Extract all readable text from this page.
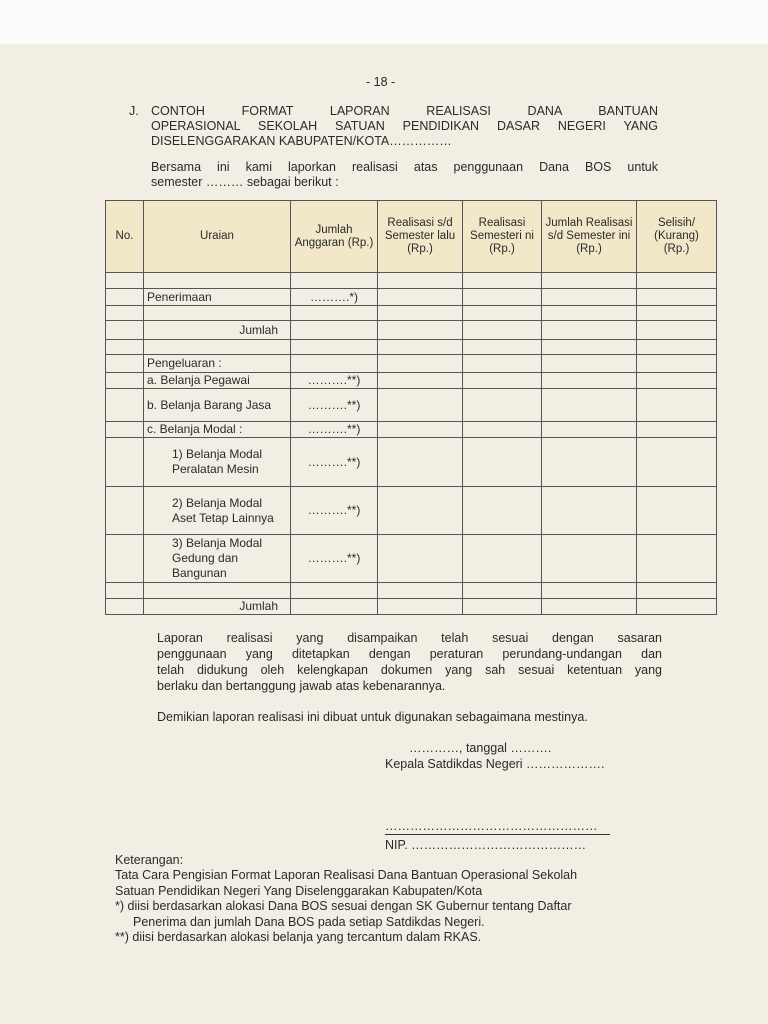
- 18 -
J. CONTOH FORMAT LAPORAN REALISASI DANA BANTUAN
OPERASIONAL SEKOLAH SATUAN PENDIDIKAN DASAR NEGERI YANG
DISELENGGARAKAN KABUPATEN/KOTA……………
Bersama ini kami laporkan realisasi atas penggunaan Dana BOS untuk
semester ……… sebagai berikut :
No.	Uraian	Jumlah Anggaran (Rp.)	Realisasi s/d Semester lalu (Rp.)	Realisasi Semesteri ni (Rp.)	Jumlah Realisasi s/d Semester ini (Rp.)	Selisih/ (Kurang) (Rp.)

	Penerimaan	……….*)				

	Jumlah					

	Pengeluaran :					
	a. Belanja Pegawai	……….**)				
	b. Belanja Barang Jasa	……….**)				
	c. Belanja Modal :	……….**)				
	1) Belanja Modal Peralatan Mesin	……….**)				
	2) Belanja Modal Aset Tetap Lainnya	……….**)				
	3) Belanja Modal Gedung dan Bangunan	……….**)				

	Jumlah					
Laporan realisasi yang disampaikan telah sesuai dengan sasaran
penggunaan yang ditetapkan dengan peraturan perundang-undangan dan
telah didukung oleh kelengkapan dokumen yang sah sesuai ketentuan yang
berlaku dan bertanggung jawab atas kebenarannya.
Demikian laporan realisasi ini dibuat untuk digunakan sebagaimana mestinya.
…………, tanggal ……….
Kepala Satdikdas Negeri ……………….
……………………………………………
NIP. ……………………………………
Keterangan:
Tata Cara Pengisian Format Laporan Realisasi Dana Bantuan Operasional Sekolah
Satuan Pendidikan Negeri Yang Diselenggarakan Kabupaten/Kota
*) diisi berdasarkan alokasi Dana BOS sesuai dengan SK Gubernur tentang Daftar
Penerima dan jumlah Dana BOS pada setiap Satdikdas Negeri.
**) diisi berdasarkan alokasi belanja yang tercantum dalam RKAS.
